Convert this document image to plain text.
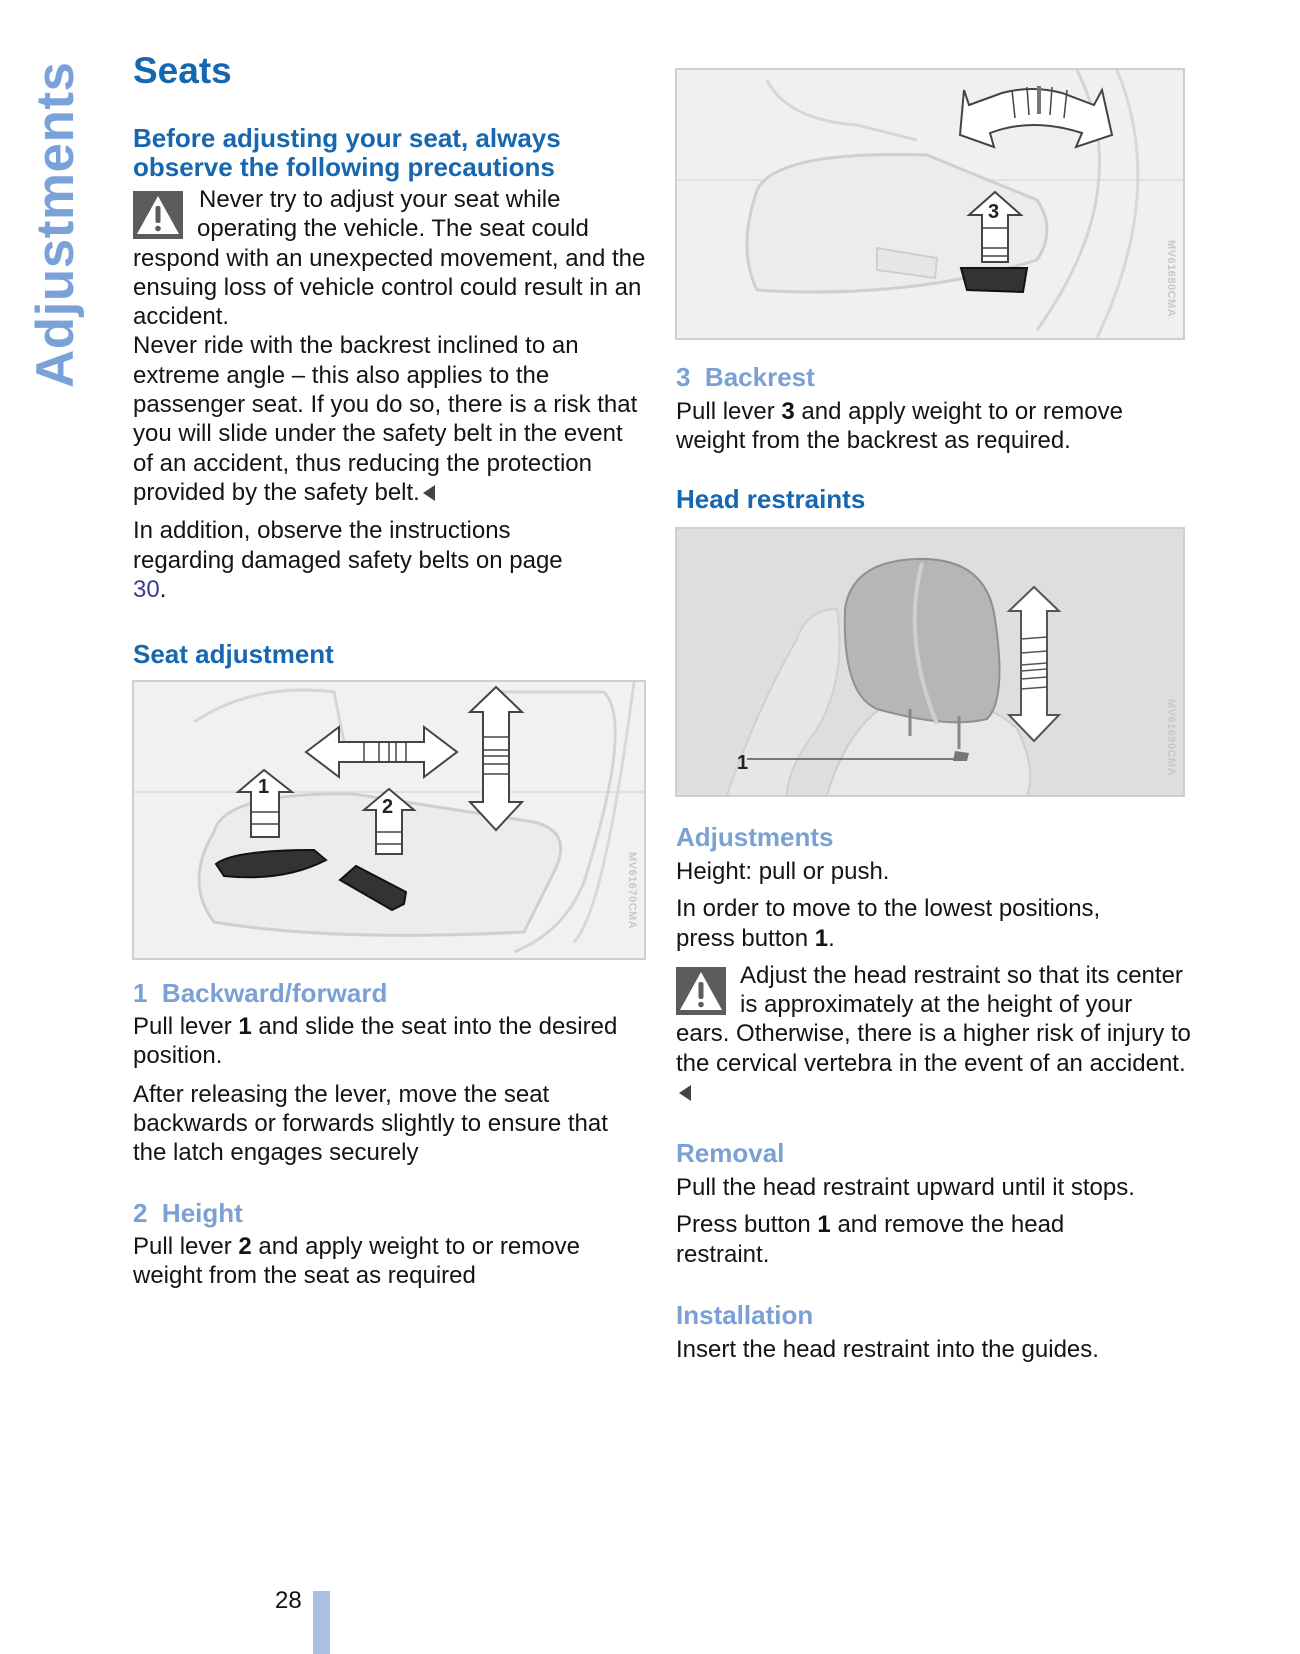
Adjustments Seats
Before adjusting your seat, always
observe the following precautions
Never try to adjust your seat while operating the vehicle. The seat could respond with an unexpected movement, and the ensuing loss of vehicle control could result in an accident.
Never ride with the backrest inclined to an extreme angle – this also applies to the passenger seat. If you do so, there is a risk that you will slide under the safety belt in the event of an accident, thus reducing the protection provided by the safety belt.
In addition, observe the instructions regarding damaged safety belts on page 30.
Seat adjustment
1
2
MV61670CMA
1 Backward/forward
Pull lever 1 and slide the seat into the desired position.
After releasing the lever, move the seat backwards or forwards slightly to ensure that the latch engages securely
2 Height
Pull lever 2 and apply weight to or remove weight from the seat as required
3
MV61680CMA
3 Backrest
Pull lever 3 and apply weight to or remove weight from the backrest as required.
Head restraints
1	MV61690CMA
Adjustments
Height: pull or push.
In order to move to the lowest positions, press button 1.
Adjust the head restraint so that its center is approximately at the height of your ears. Otherwise, there is a higher risk of injury to the cervical vertebra in the event of an accident.
Removal
Pull the head restraint upward until it stops.
Press button 1 and remove the head restraint.
Installation
Insert the head restraint into the guides.
28
